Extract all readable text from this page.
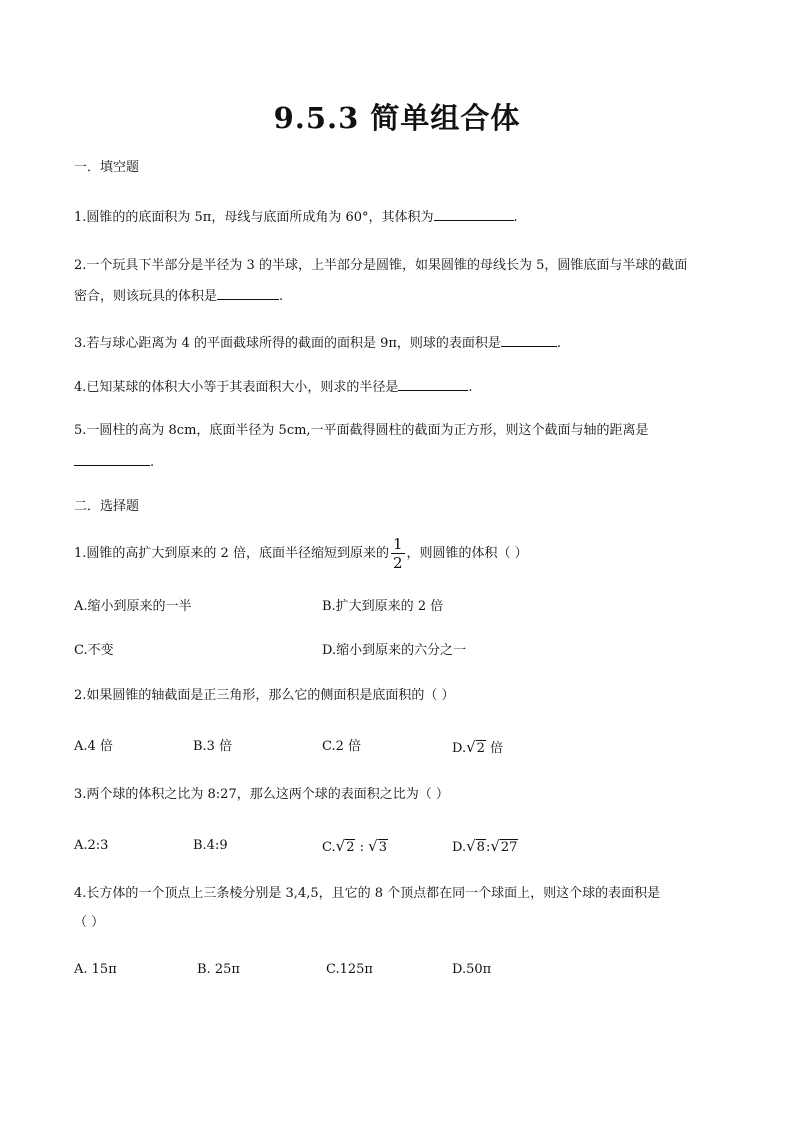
9.5.3 简单组合体
一．填空题
1.圆锥的的底面积为 5π，母线与底面所成角为 60°，其体积为	.
2.一个玩具下半部分是半径为 3 的半球，上半部分是圆锥，如果圆锥的母线长为 5，圆锥底面与半球的截面
密合，则该玩具的体积是	.
3.若与球心距离为 4 的平面截球所得的截面的面积是 9π，则球的表面积是	.
4.已知某球的体积大小等于其表面积大小，则求的半径是	.
5.一圆柱的高为 8cm，底面半径为 5cm,一平面截得圆柱的截面为正方形，则这个截面与轴的距离是
.
二．选择题
1.圆锥的高扩大到原来的 2 倍，底面半径缩短到原来的 $\frac{1}{2}$ ，则圆锥的体积（ ）
A.缩小到原来的一半	B.扩大到原来的 2 倍
C.不变	D.缩小到原来的六分之一
2.如果圆锥的轴截面是正三角形，那么它的侧面积是底面积的（ ）
A.4 倍	B.3 倍	C.2 倍	D.√2 倍
3.两个球的体积之比为 8:27，那么这两个球的表面积之比为（ ）
A.2:3	B.4:9	C.√2 : √3	D.√8:√27
4.长方体的一个顶点上三条棱分别是 3,4,5，且它的 8 个顶点都在同一个球面上，则这个球的表面积是
（ ）
A. 15π	B. 25π	C.125π	D.50π
